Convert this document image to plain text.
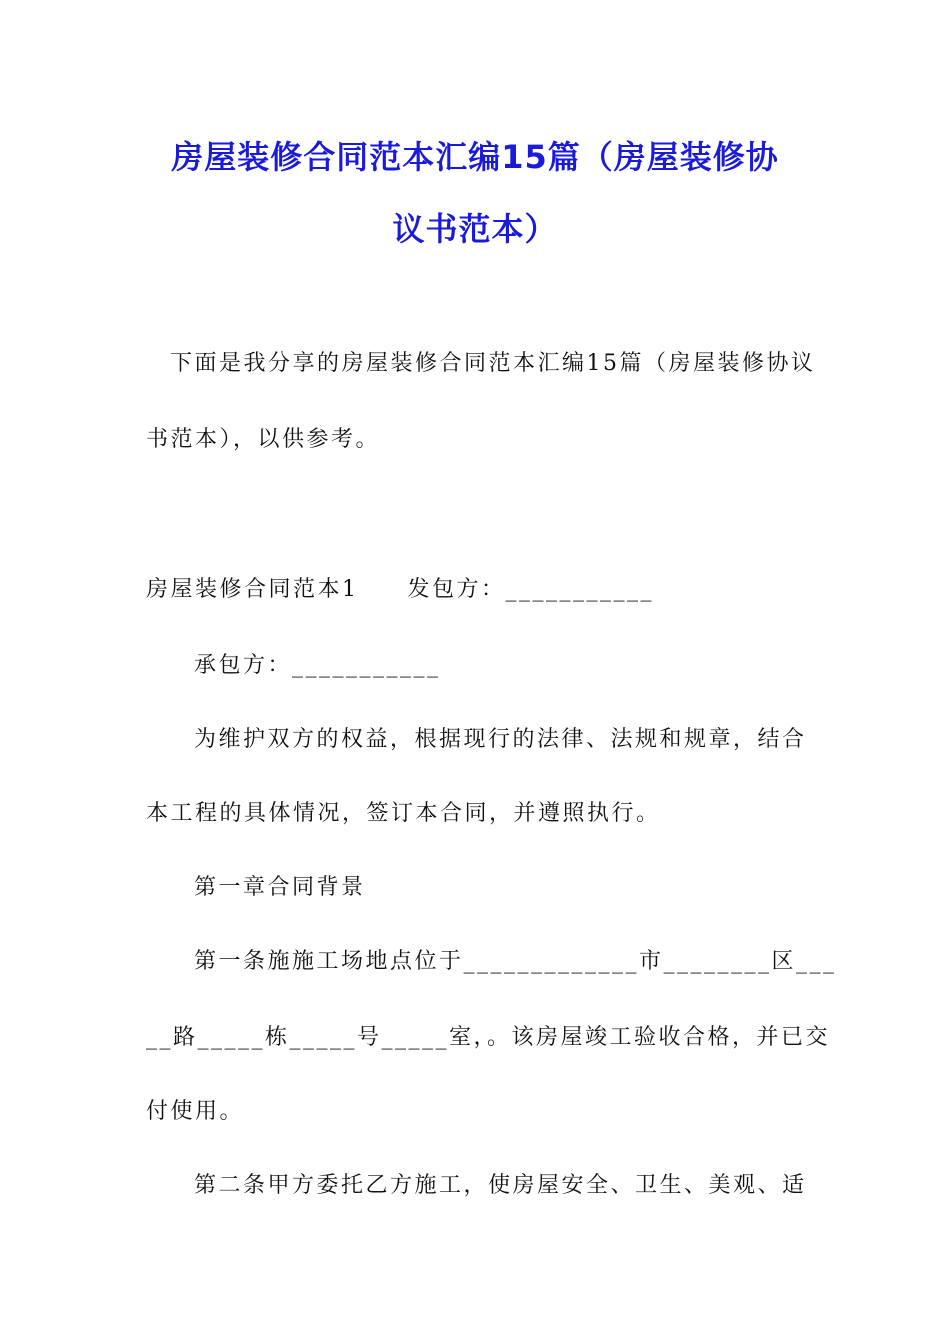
房屋装修合同范本汇编15篇（房屋装修协
议书范本）
下面是我分享的房屋装修合同范本汇编15篇（房屋装修协议
书范本），以供参考。
房屋装修合同范本1　　发包方：___________
承包方：___________
为维护双方的权益，根据现行的法律、法规和规章，结合
本工程的具体情况，签订本合同，并遵照执行。
第一章合同背景
第一条施施工场地点位于_____________市________区___
__路_____栋_____号_____室，。该房屋竣工验收合格，并已交
付使用。
第二条甲方委托乙方施工，使房屋安全、卫生、美观、适
